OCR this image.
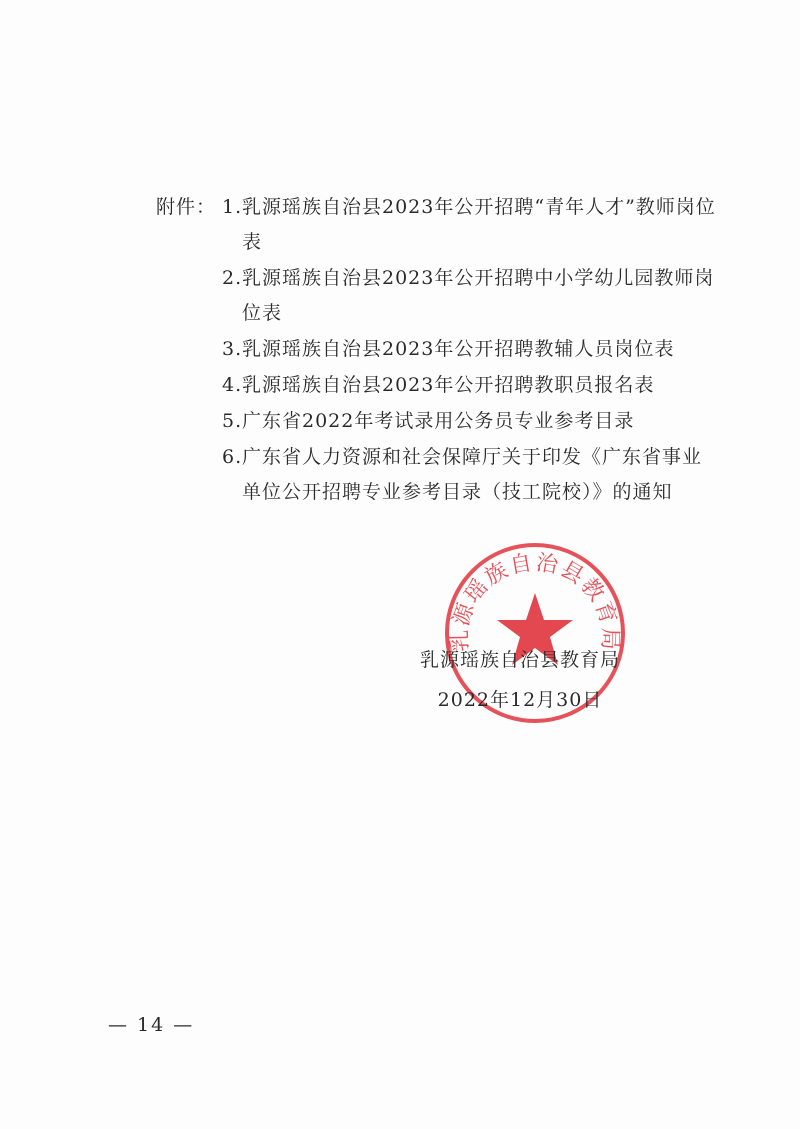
附件： 1. 乳源瑶族自治县2023年公开招聘“青年人才”教师岗位表
2. 乳源瑶族自治县2023年公开招聘中小学幼儿园教师岗位表
3. 乳源瑶族自治县2023年公开招聘教辅人员岗位表
4. 乳源瑶族自治县2023年公开招聘教职员报名表
5. 广东省2022年考试录用公务员专业参考目录
6. 广东省人力资源和社会保障厅关于印发《广东省事业单位公开招聘专业参考目录（技工院校）》的通知
乳源瑶族自治县教育局
乳源瑶族自治县教育局
2022年12月30日
— 14 —
